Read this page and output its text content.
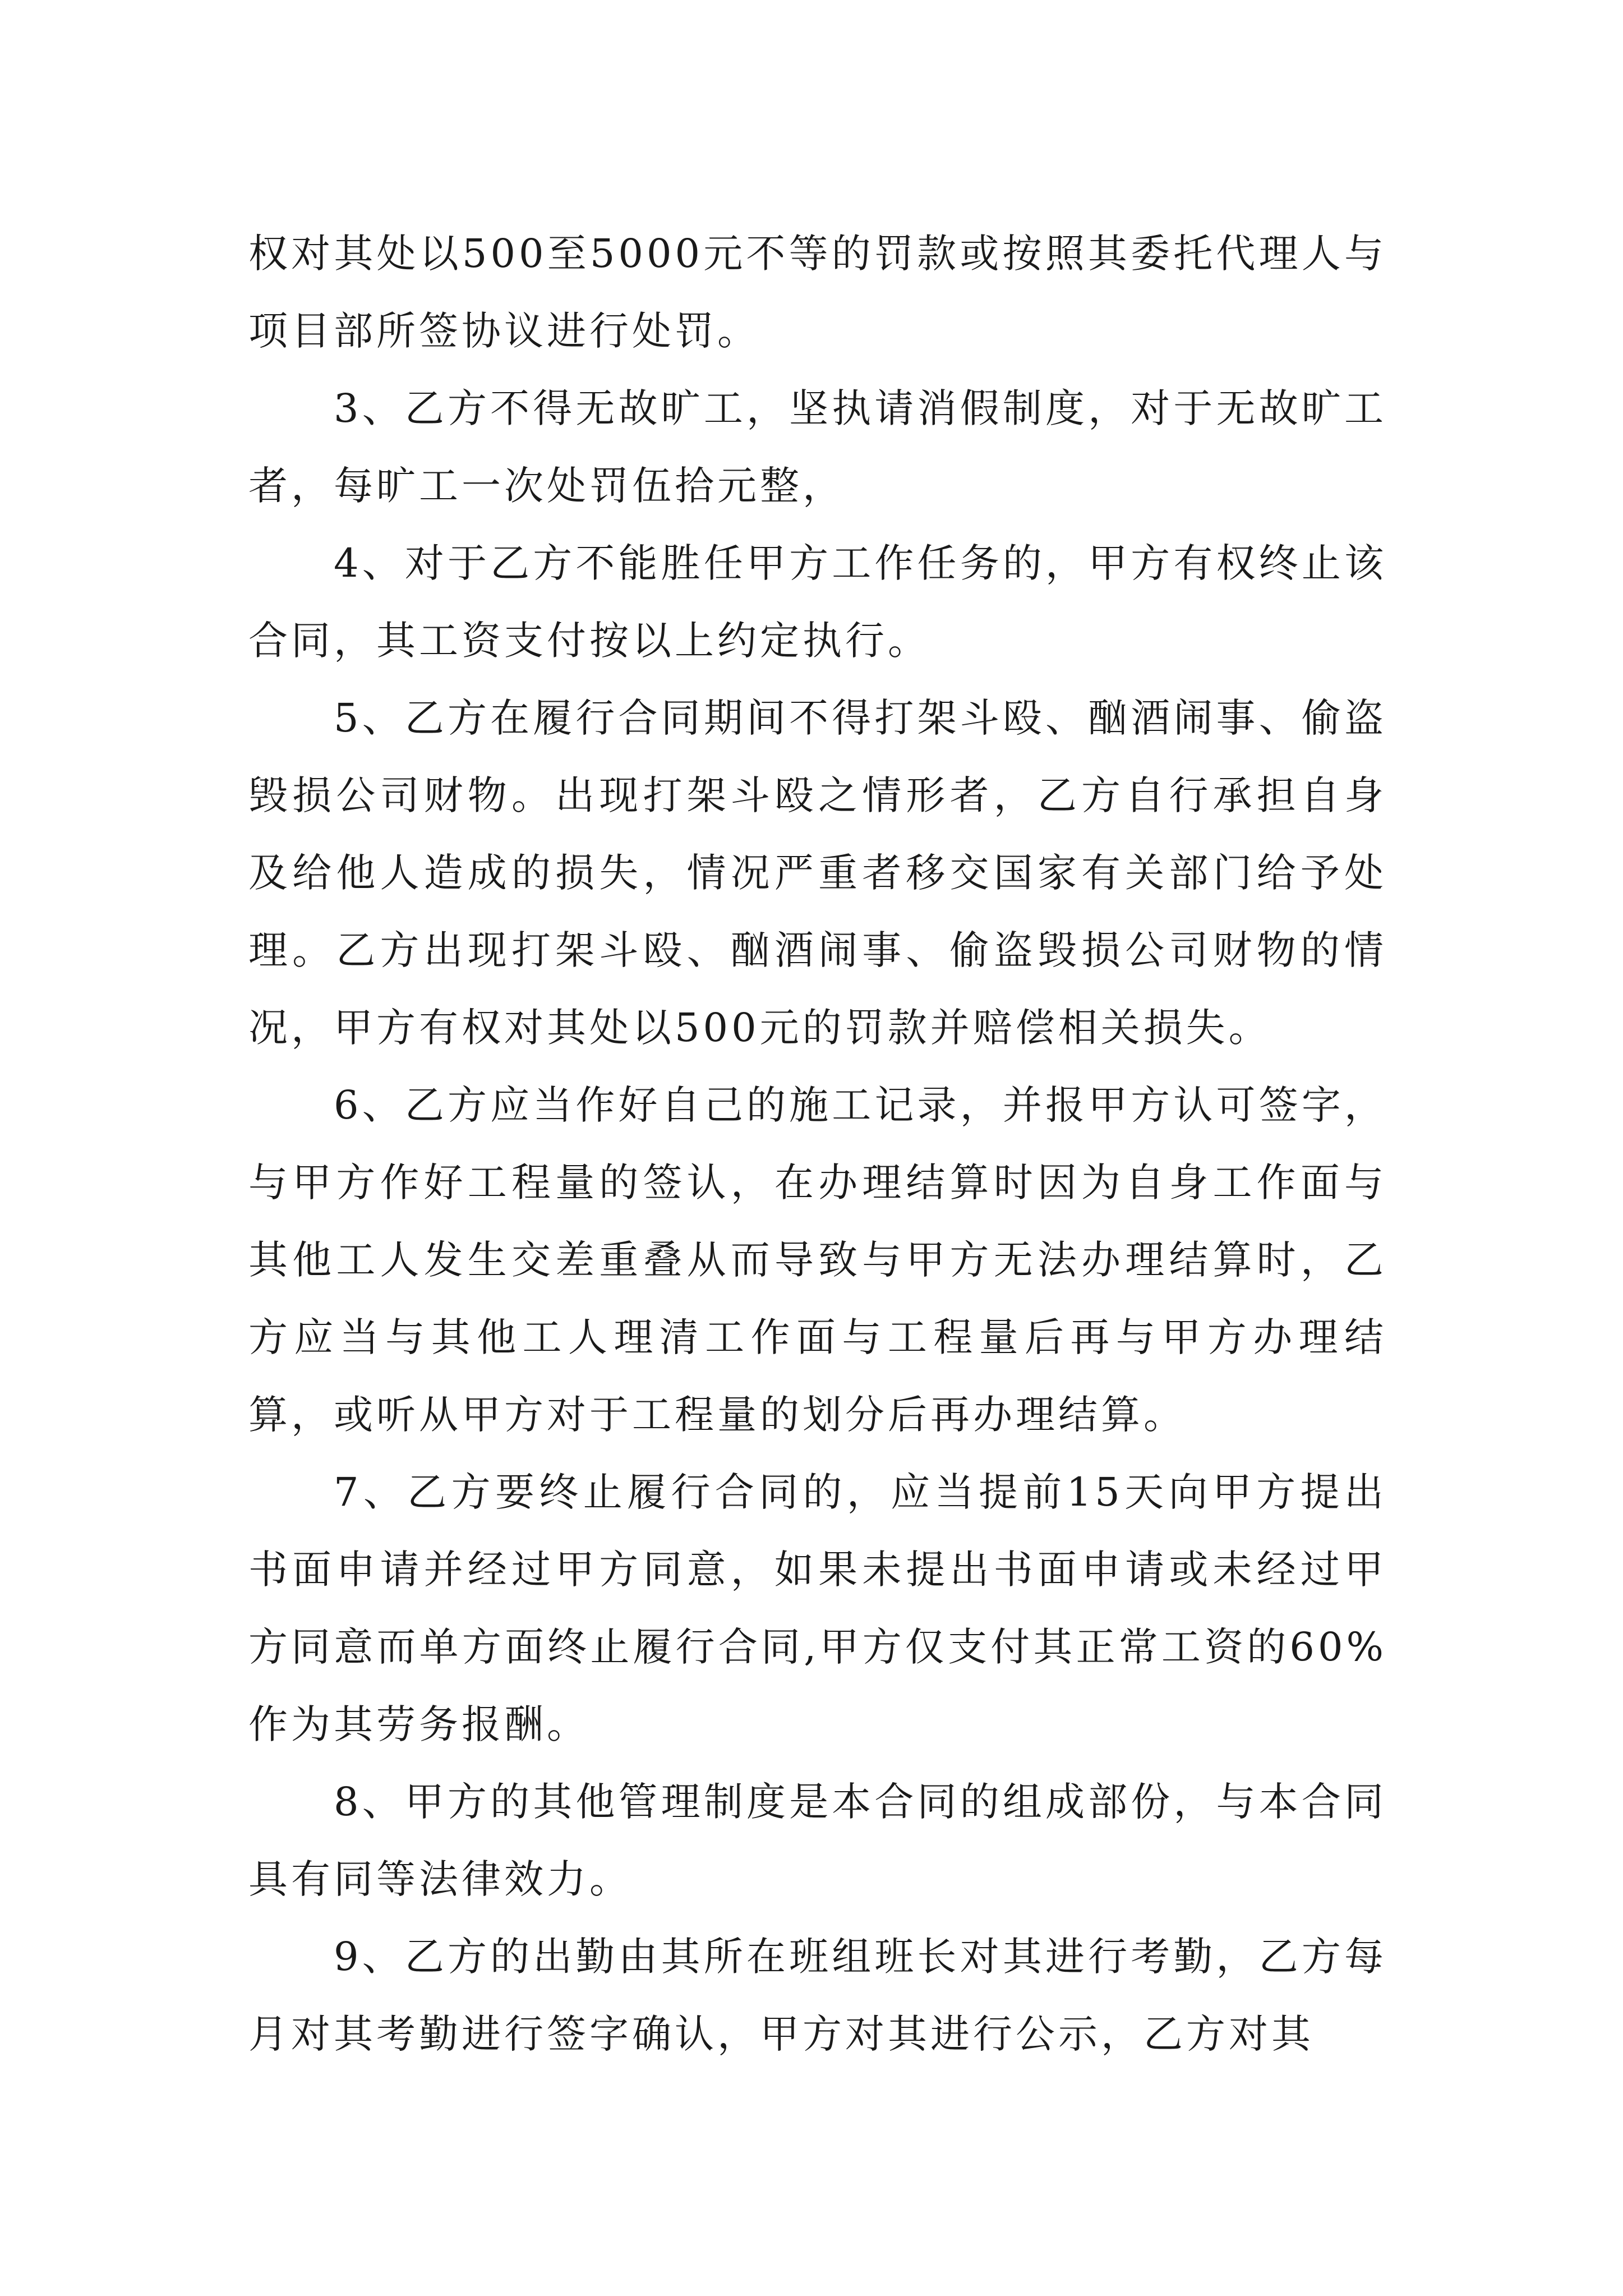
权对其处以500至5000元不等的罚款或按照其委托代理人与项目部所签协议进行处罚。

3、乙方不得无故旷工，坚执请消假制度，对于无故旷工者，每旷工一次处罚伍拾元整，

4、对于乙方不能胜任甲方工作任务的，甲方有权终止该合同，其工资支付按以上约定执行。

5、乙方在履行合同期间不得打架斗殴、酗酒闹事、偷盗毁损公司财物。出现打架斗殴之情形者，乙方自行承担自身及给他人造成的损失，情况严重者移交国家有关部门给予处理。乙方出现打架斗殴、酗酒闹事、偷盗毁损公司财物的情况，甲方有权对其处以500元的罚款并赔偿相关损失。

6、乙方应当作好自己的施工记录，并报甲方认可签字，与甲方作好工程量的签认，在办理结算时因为自身工作面与其他工人发生交差重叠从而导致与甲方无法办理结算时，乙方应当与其他工人理清工作面与工程量后再与甲方办理结算，或听从甲方对于工程量的划分后再办理结算。

7、乙方要终止履行合同的，应当提前15天向甲方提出书面申请并经过甲方同意，如果未提出书面申请或未经过甲方同意而单方面终止履行合同,甲方仅支付其正常工资的60%作为其劳务报酬。

8、甲方的其他管理制度是本合同的组成部份，与本合同具有同等法律效力。

9、乙方的出勤由其所在班组班长对其进行考勤，乙方每月对其考勤进行签字确认，甲方对其进行公示，乙方对其
